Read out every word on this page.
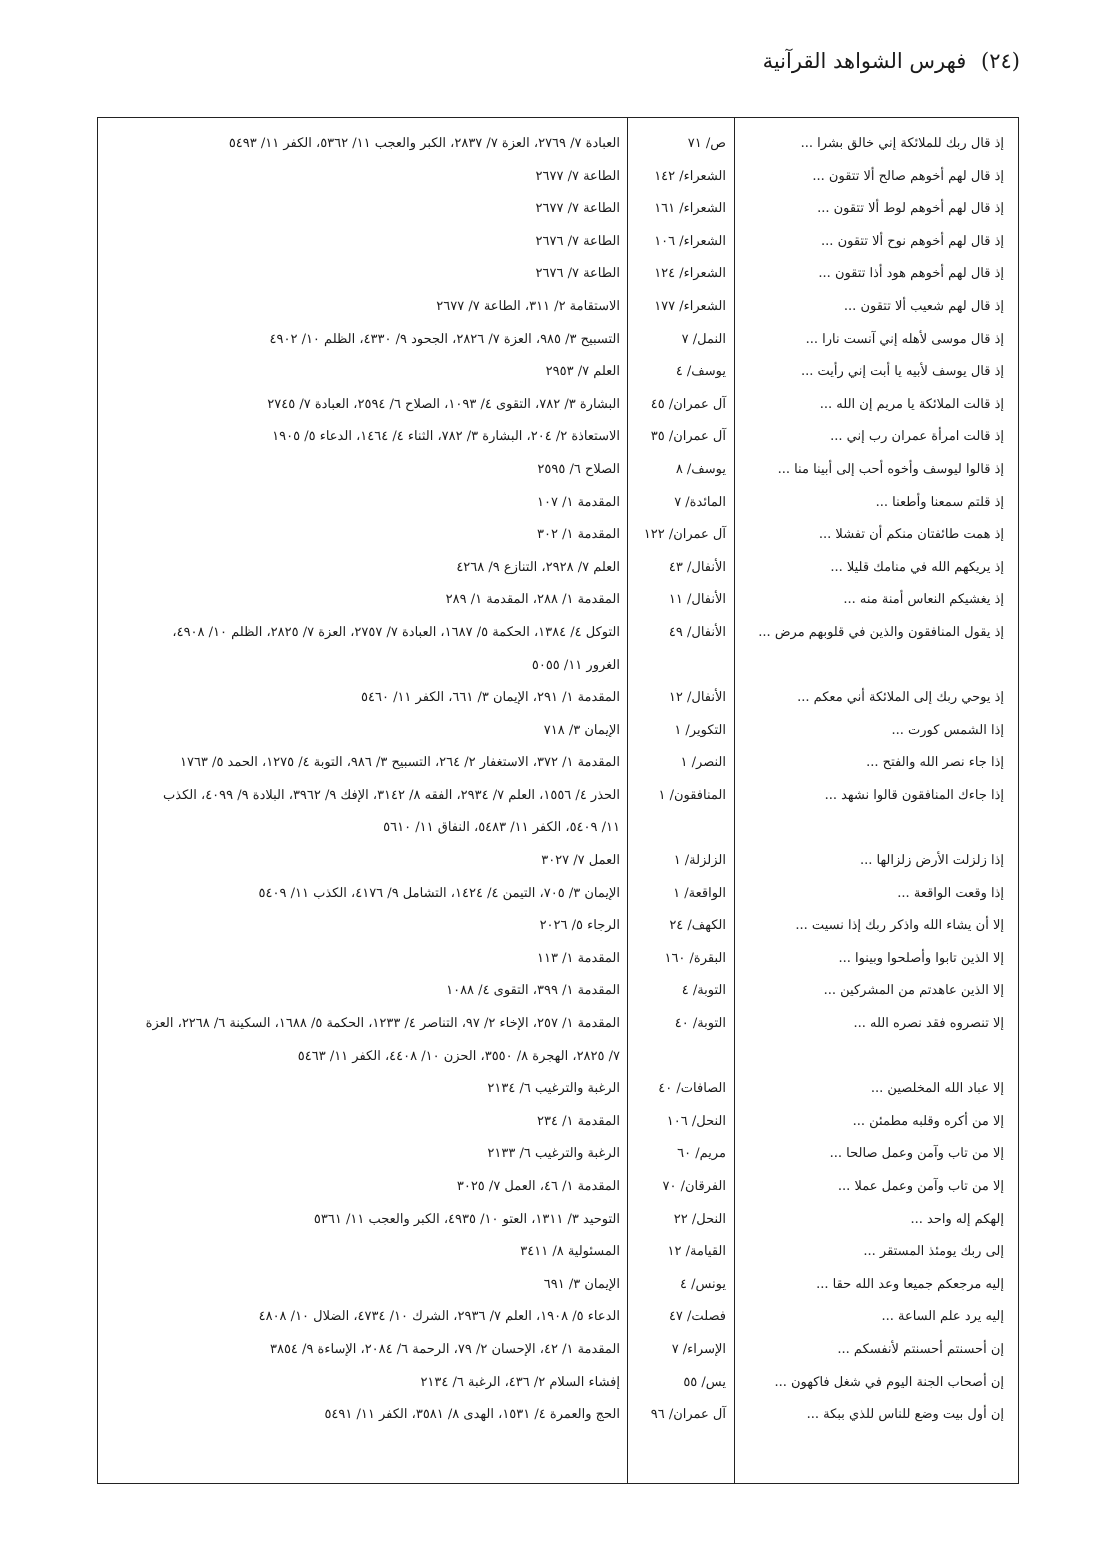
(٢٤) فهرس الشواهد القرآنية
إذ قال ربك للملائكة إني خالق بشرا ...
ص/ ٧١
العبادة ٧/ ٢٧٦٩، العزة ٧/ ٢٨٣٧، الكبر والعجب ١١/ ٥٣٦٢، الكفر ١١/ ٥٤٩٣
إذ قال لهم أخوهم صالح ألا تتقون ...
الشعراء/ ١٤٢
الطاعة ٧/ ٢٦٧٧
إذ قال لهم أخوهم لوط ألا تتقون ...
الشعراء/ ١٦١
الطاعة ٧/ ٢٦٧٧
إذ قال لهم أخوهم نوح ألا تتقون ...
الشعراء/ ١٠٦
الطاعة ٧/ ٢٦٧٦
إذ قال لهم أخوهم هود أذا تتقون ...
الشعراء/ ١٢٤
الطاعة ٧/ ٢٦٧٦
إذ قال لهم شعيب ألا تتقون ...
الشعراء/ ١٧٧
الاستقامة ٢/ ٣١١، الطاعة ٧/ ٢٦٧٧
إذ قال موسى لأهله إني آنست نارا ...
النمل/ ٧
التسبيح ٣/ ٩٨٥، العزة ٧/ ٢٨٢٦، الجحود ٩/ ٤٣٣٠، الظلم ١٠/ ٤٩٠٢
إذ قال يوسف لأبيه يا أبت إني رأيت ...
يوسف/ ٤
العلم ٧/ ٢٩٥٣
إذ قالت الملائكة يا مريم إن الله ...
آل عمران/ ٤٥
البشارة ٣/ ٧٨٢، التقوى ٤/ ١٠٩٣، الصلاح ٦/ ٢٥٩٤، العبادة ٧/ ٢٧٤٥
إذ قالت امرأة عمران رب إني ...
آل عمران/ ٣٥
الاستعاذة ٢/ ٢٠٤، البشارة ٣/ ٧٨٢، الثناء ٤/ ١٤٦٤، الدعاء ٥/ ١٩٠٥
إذ قالوا ليوسف وأخوه أحب إلى أبينا منا ...
يوسف/ ٨
الصلاح ٦/ ٢٥٩٥
إذ قلتم سمعنا وأطعنا ...
المائدة/ ٧
المقدمة ١/ ١٠٧
إذ همت طائفتان منكم أن تفشلا ...
آل عمران/ ١٢٢
المقدمة ١/ ٣٠٢
إذ يريكهم الله في منامك قليلا ...
الأنفال/ ٤٣
العلم ٧/ ٢٩٢٨، التنازع ٩/ ٤٢٦٨
إذ يغشيكم النعاس أمنة منه ...
الأنفال/ ١١
المقدمة ١/ ٢٨٨، المقدمة ١/ ٢٨٩
إذ يقول المنافقون والذين في قلوبهم مرض ...
الأنفال/ ٤٩
التوكل ٤/ ١٣٨٤، الحكمة ٥/ ١٦٨٧، العبادة ٧/ ٢٧٥٧، العزة ٧/ ٢٨٢٥، الظلم ١٠/ ٤٩٠٨،
الغرور ١١/ ٥٠٥٥
إذ يوحي ربك إلى الملائكة أني معكم ...
الأنفال/ ١٢
المقدمة ١/ ٢٩١، الإيمان ٣/ ٦٦١، الكفر ١١/ ٥٤٦٠
إذا الشمس كورت ...
التكوير/ ١
الإيمان ٣/ ٧١٨
إذا جاء نصر الله والفتح ...
النصر/ ١
المقدمة ١/ ٣٧٢، الاستغفار ٢/ ٢٦٤، التسبيح ٣/ ٩٨٦، التوبة ٤/ ١٢٧٥، الحمد ٥/ ١٧٦٣
إذا جاءك المنافقون قالوا نشهد ...
المنافقون/ ١
الحذر ٤/ ١٥٥٦، العلم ٧/ ٢٩٣٤، الفقه ٨/ ٣١٤٢، الإفك ٩/ ٣٩٦٢، البلادة ٩/ ٤٠٩٩، الكذب
١١/ ٥٤٠٩، الكفر ١١/ ٥٤٨٣، النفاق ١١/ ٥٦١٠
إذا زلزلت الأرض زلزالها ...
الزلزلة/ ١
العمل ٧/ ٣٠٢٧
إذا وقعت الواقعة ...
الواقعة/ ١
الإيمان ٣/ ٧٠٥، التيمن ٤/ ١٤٢٤، التشامل ٩/ ٤١٧٦، الكذب ١١/ ٥٤٠٩
إلا أن يشاء الله واذكر ربك إذا نسيت ...
الكهف/ ٢٤
الرجاء ٥/ ٢٠٢٦
إلا الذين تابوا وأصلحوا وبينوا ...
البقرة/ ١٦٠
المقدمة ١/ ١١٣
إلا الذين عاهدتم من المشركين ...
التوبة/ ٤
المقدمة ١/ ٣٩٩، التقوى ٤/ ١٠٨٨
إلا تنصروه فقد نصره الله ...
التوبة/ ٤٠
المقدمة ١/ ٢٥٧، الإخاء ٢/ ٩٧، التناصر ٤/ ١٢٣٣، الحكمة ٥/ ١٦٨٨، السكينة ٦/ ٢٢٦٨، العزة
٧/ ٢٨٢٥، الهجرة ٨/ ٣٥٥٠، الحزن ١٠/ ٤٤٠٨، الكفر ١١/ ٥٤٦٣
إلا عباد الله المخلصين ...
الصافات/ ٤٠
الرغبة والترغيب ٦/ ٢١٣٤
إلا من أكره وقلبه مطمئن ...
النحل/ ١٠٦
المقدمة ١/ ٢٣٤
إلا من تاب وآمن وعمل صالحا ...
مريم/ ٦٠
الرغبة والترغيب ٦/ ٢١٣٣
إلا من تاب وآمن وعمل عملا ...
الفرقان/ ٧٠
المقدمة ١/ ٤٦، العمل ٧/ ٣٠٢٥
إلهكم إله واحد ...
النحل/ ٢٢
التوحيد ٣/ ١٣١١، العتو ١٠/ ٤٩٣٥، الكبر والعجب ١١/ ٥٣٦١
إلى ربك يومئذ المستقر ...
القيامة/ ١٢
المسئولية ٨/ ٣٤١١
إليه مرجعكم جميعا وعد الله حقا ...
يونس/ ٤
الإيمان ٣/ ٦٩١
إليه يرد علم الساعة ...
فصلت/ ٤٧
الدعاء ٥/ ١٩٠٨، العلم ٧/ ٢٩٣٦، الشرك ١٠/ ٤٧٣٤، الضلال ١٠/ ٤٨٠٨
إن أحسنتم أحسنتم لأنفسكم ...
الإسراء/ ٧
المقدمة ١/ ٤٢، الإحسان ٢/ ٧٩، الرحمة ٦/ ٢٠٨٤، الإساءة ٩/ ٣٨٥٤
إن أصحاب الجنة اليوم في شغل فاكهون ...
يس/ ٥٥
إفشاء السلام ٢/ ٤٣٦، الرغبة ٦/ ٢١٣٤
إن أول بيت وضع للناس للذي ببكة ...
آل عمران/ ٩٦
الحج والعمرة ٤/ ١٥٣١، الهدى ٨/ ٣٥٨١، الكفر ١١/ ٥٤٩١
